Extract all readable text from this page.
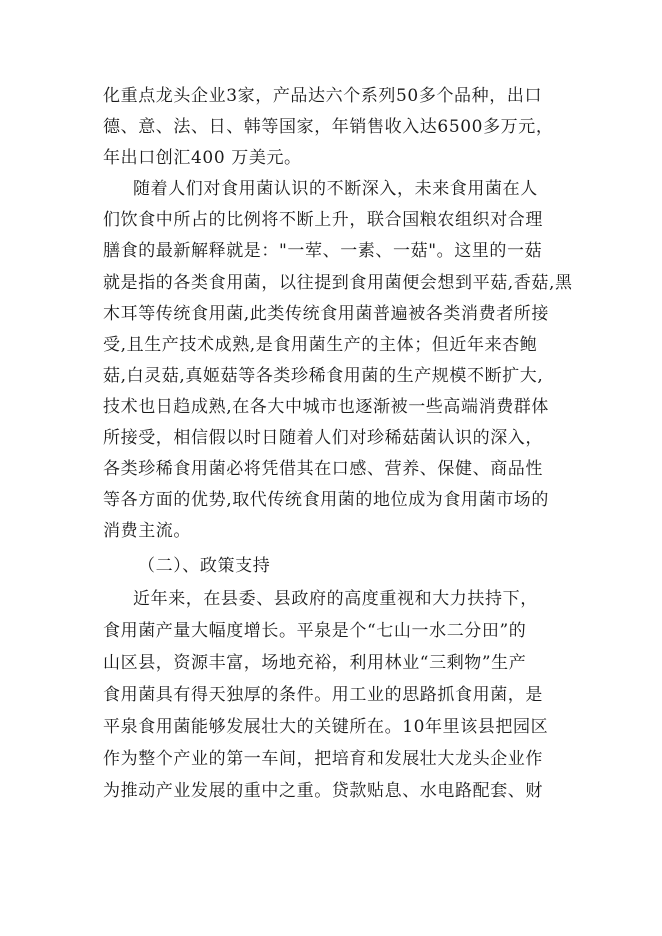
化重点龙头企业3家，产品达六个系列50多个品种，出口
德、意、法、日、韩等国家，年销售收入达6500多万元，
年出口创汇400 万美元。
随着人们对食用菌认识的不断深入，未来食用菌在人
们饮食中所占的比例将不断上升，联合国粮农组织对合理
膳食的最新解释就是："一荤、一素、一菇"。这里的一菇
就是指的各类食用菌，以往提到食用菌便会想到平菇,香菇,黑
木耳等传统食用菌,此类传统食用菌普遍被各类消费者所接
受,且生产技术成熟,是食用菌生产的主体；但近年来杏鲍
菇,白灵菇,真姬菇等各类珍稀食用菌的生产规模不断扩大,
技术也日趋成熟,在各大中城市也逐渐被一些高端消费群体
所接受，相信假以时日随着人们对珍稀菇菌认识的深入，
各类珍稀食用菌必将凭借其在口感、营养、保健、商品性
等各方面的优势,取代传统食用菌的地位成为食用菌市场的
消费主流。
（二）、政策支持
近年来，在县委、县政府的高度重视和大力扶持下，
食用菌产量大幅度增长。平泉是个“七山一水二分田”的
山区县，资源丰富，场地充裕，利用林业“三剩物”生产
食用菌具有得天独厚的条件。用工业的思路抓食用菌，是
平泉食用菌能够发展壮大的关键所在。10年里该县把园区
作为整个产业的第一车间，把培育和发展壮大龙头企业作
为推动产业发展的重中之重。贷款贴息、水电路配套、财
